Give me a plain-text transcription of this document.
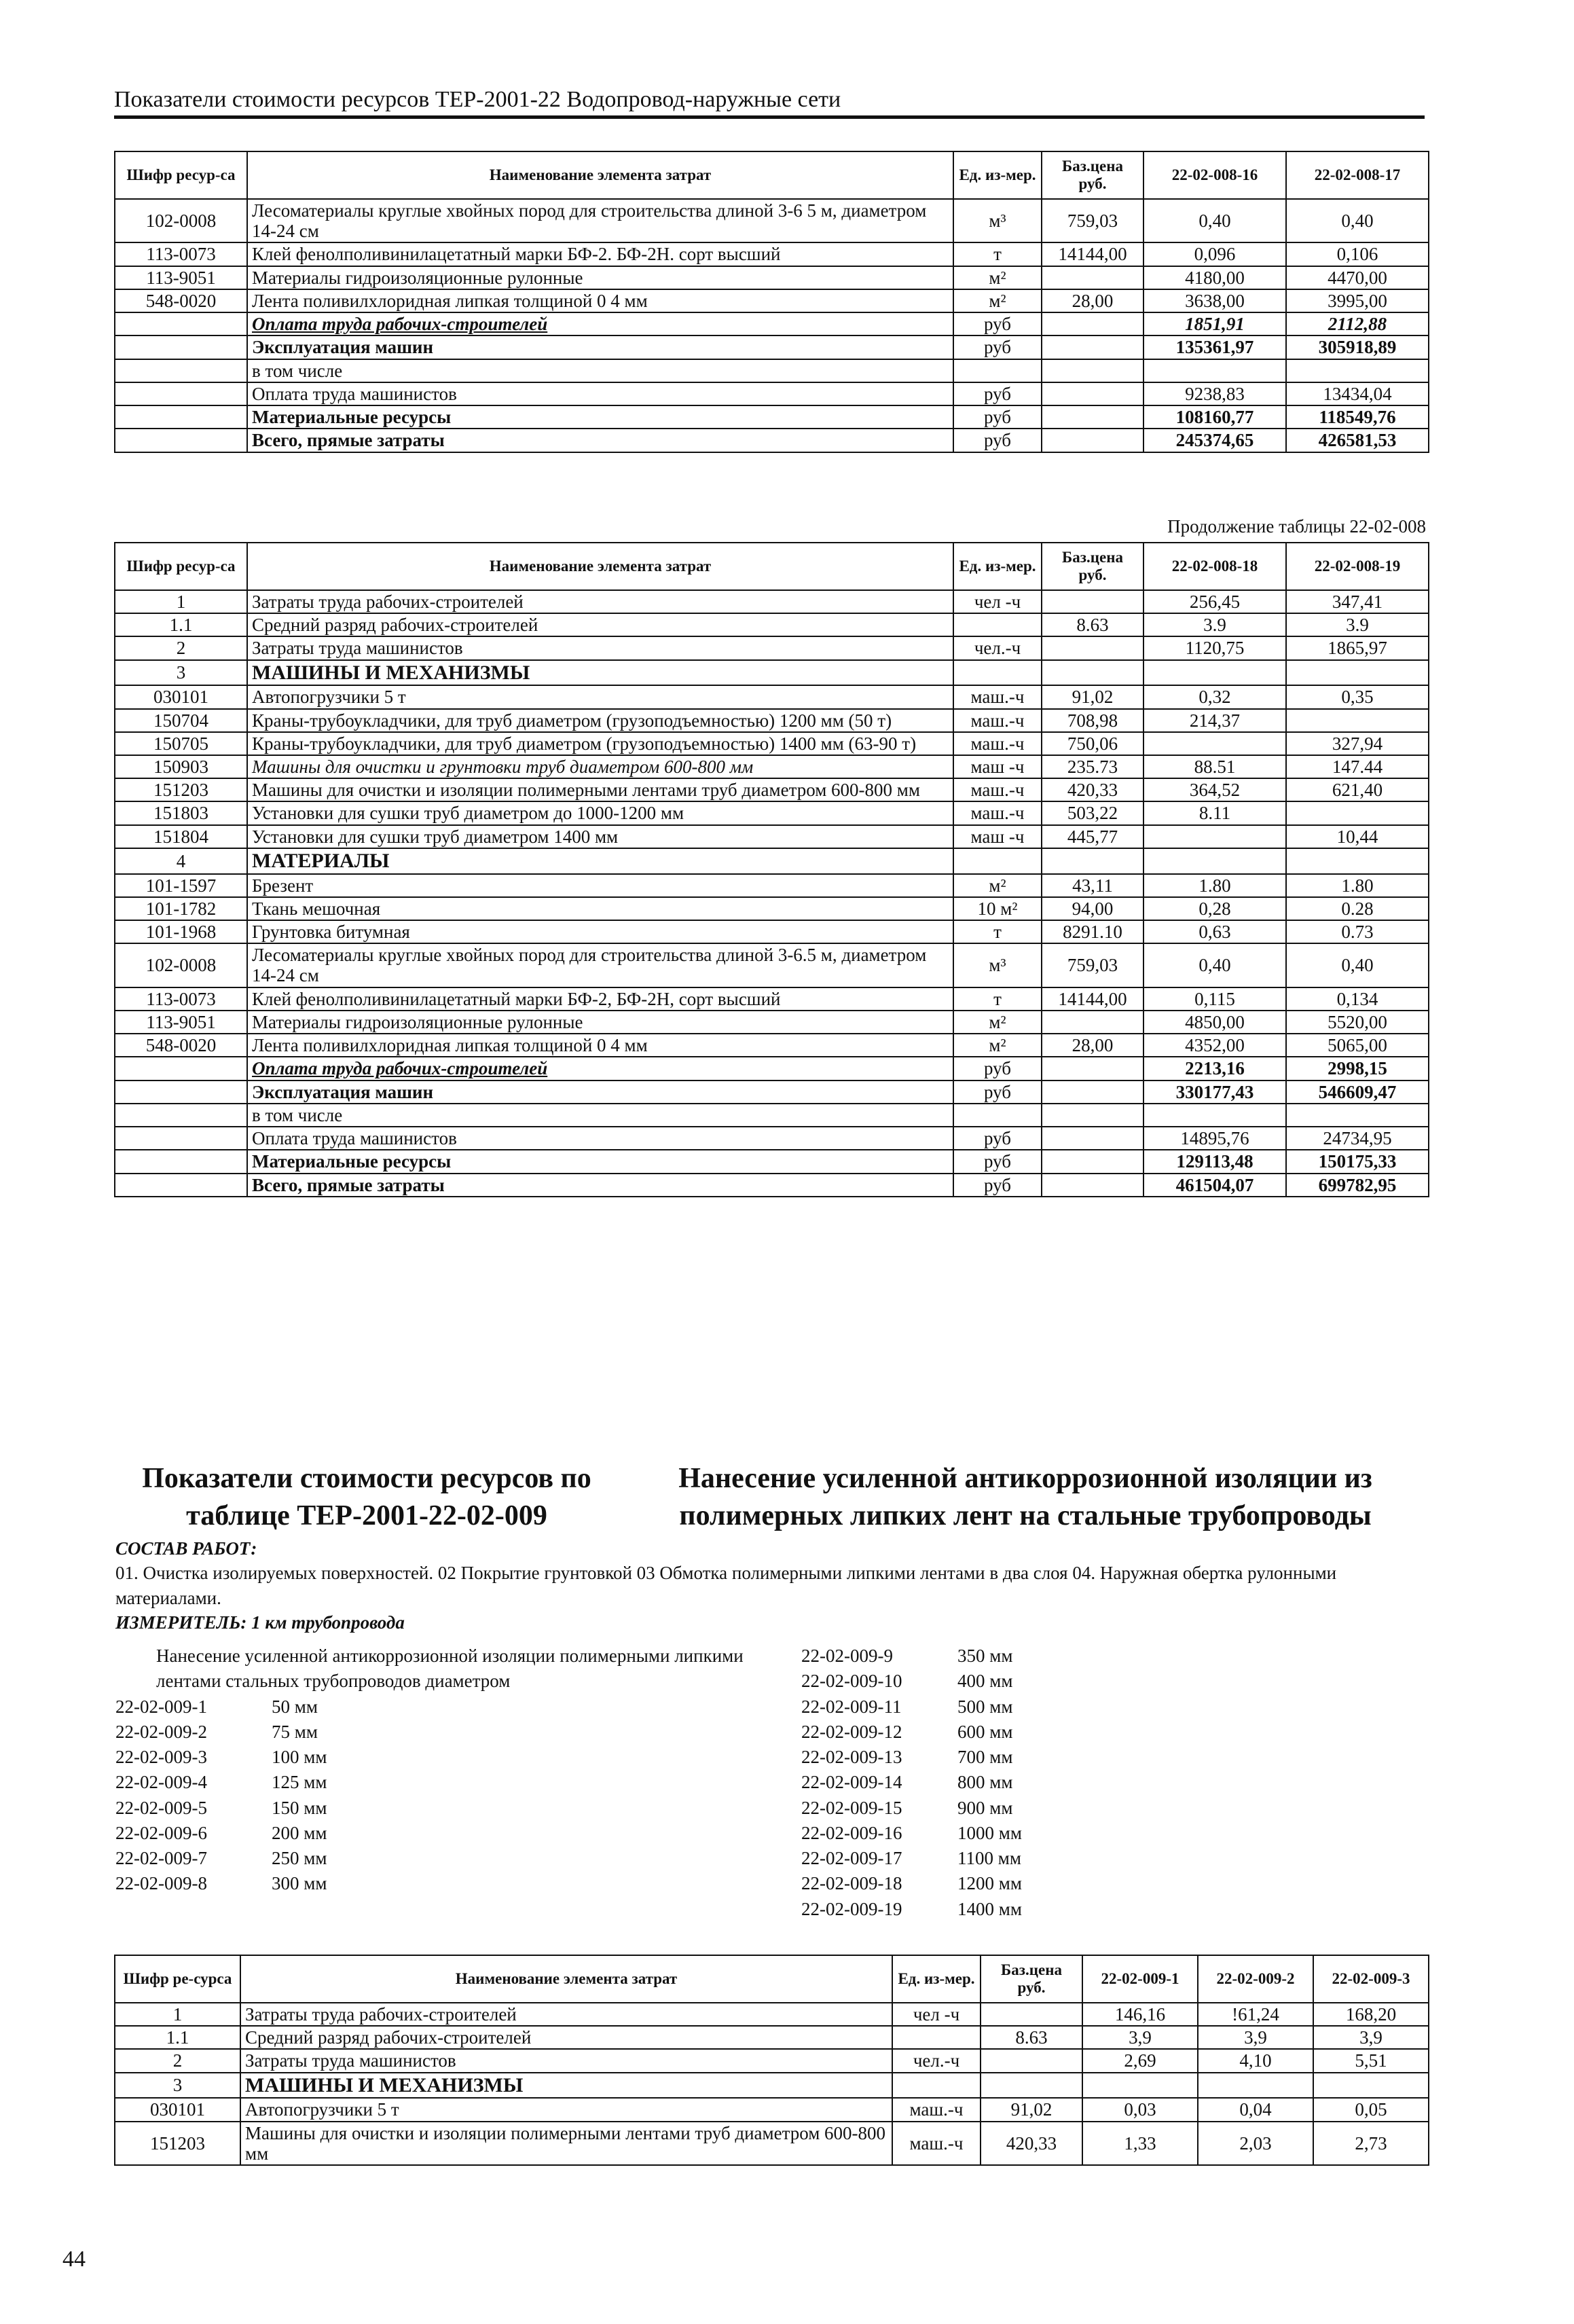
Показатели стоимости ресурсов ТЕР-2001-22 Водопровод-наружные сети
Шифр ресур-са	Наименование элемента затрат	Ед. из-мер.	Баз.цена руб.	22-02-008-16	22-02-008-17
102-0008	Лесоматериалы круглые хвойных пород для строительства длиной 3-6 5 м, диаметром 14-24 см	м³	759,03	0,40	0,40
113-0073	Клей фенолполивинилацетатный марки БФ-2. БФ-2Н. сорт высший	т	14144,00	0,096	0,106
113-9051	Материалы гидроизоляционные рулонные	м²		4180,00	4470,00
548-0020	Лента поливилхлоридная липкая толщиной 0 4 мм	м²	28,00	3638,00	3995,00
	Оплата труда рабочих-строителей	руб		1851,91	2112,88
	Эксплуатация машин	руб		135361,97	305918,89
	в том числе				
	Оплата труда машинистов	руб		9238,83	13434,04
	Материальные ресурсы	руб		108160,77	118549,76
	Всего, прямые затраты	руб		245374,65	426581,53
Продолжение таблицы 22-02-008
Шифр ресур-са	Наименование элемента затрат	Ед. из-мер.	Баз.цена руб.	22-02-008-18	22-02-008-19
1	Затраты труда рабочих-строителей	чел -ч		256,45	347,41
1.1	Средний разряд рабочих-строителей		8.63	3.9	3.9
2	Затраты труда машинистов	чел.-ч		1120,75	1865,97
3	МАШИНЫ И МЕХАНИЗМЫ				
030101	Автопогрузчики 5 т	маш.-ч	91,02	0,32	0,35
150704	Краны-трубоукладчики, для труб диаметром (грузоподъемностью) 1200 мм (50 т)	маш.-ч	708,98	214,37	
150705	Краны-трубоукладчики, для труб диаметром (грузоподъемностью) 1400 мм (63-90 т)	маш.-ч	750,06		327,94
150903	Машины для очистки и грунтовки труб диаметром 600-800 мм	маш -ч	235.73	88.51	147.44
151203	Машины для очистки и изоляции полимерными лентами труб диаметром 600-800 мм	маш.-ч	420,33	364,52	621,40
151803	Установки для сушки труб диаметром до 1000-1200 мм	маш.-ч	503,22	8.11	
151804	Установки для сушки труб диаметром 1400 мм	маш -ч	445,77		10,44
4	МАТЕРИАЛЫ				
101-1597	Брезент	м²	43,11	1.80	1.80
101-1782	Ткань мешочная	10 м²	94,00	0,28	0.28
101-1968	Грунтовка битумная	т	8291.10	0,63	0.73
102-0008	Лесоматериалы круглые хвойных пород для строительства длиной 3-6.5 м, диаметром 14-24 см	м³	759,03	0,40	0,40
113-0073	Клей фенолполивинилацетатный марки БФ-2, БФ-2Н, сорт высший	т	14144,00	0,115	0,134
113-9051	Материалы гидроизоляционные рулонные	м²		4850,00	5520,00
548-0020	Лента поливилхлоридная липкая толщиной 0 4 мм	м²	28,00	4352,00	5065,00
	Оплата труда рабочих-строителей	руб		2213,16	2998,15
	Эксплуатация машин	руб		330177,43	546609,47
	в том числе				
	Оплата труда машинистов	руб		14895,76	24734,95
	Материальные ресурсы	руб		129113,48	150175,33
	Всего, прямые затраты	руб		461504,07	699782,95
Показатели стоимости ресурсов по таблице ТЕР-2001-22-02-009
Нанесение усиленной антикоррозионной изоляции из полимерных липких лент на стальные трубопроводы
СОСТАВ РАБОТ:
01. Очистка изолируемых поверхностей. 02 Покрытие грунтовкой 03 Обмотка полимерными липкими лентами в два слоя 04. Наружная обертка рулонными материалами.
ИЗМЕРИТЕЛЬ: 1 км трубопровода
Нанесение усиленной антикоррозионной изоляции полимерными липкими лентами стальных трубопроводов диаметром
22-02-009-1	50 мм
22-02-009-2	75 мм
22-02-009-3	100 мм
22-02-009-4	125 мм
22-02-009-5	150 мм
22-02-009-6	200 мм
22-02-009-7	250 мм
22-02-009-8	300 мм
22-02-009-9	350 мм
22-02-009-10	400 мм
22-02-009-11	500 мм
22-02-009-12	600 мм
22-02-009-13	700 мм
22-02-009-14	800 мм
22-02-009-15	900 мм
22-02-009-16	1000 мм
22-02-009-17	1100 мм
22-02-009-18	1200 мм
22-02-009-19	1400 мм
Шифр ре-сурса	Наименование элемента затрат	Ед. из-мер.	Баз.цена руб.	22-02-009-1	22-02-009-2	22-02-009-3
1	Затраты труда рабочих-строителей	чел -ч		146,16	!61,24	168,20
1.1	Средний разряд рабочих-строителей		8.63	3,9	3,9	3,9
2	Затраты труда машинистов	чел.-ч		2,69	4,10	5,51
3	МАШИНЫ И МЕХАНИЗМЫ					
030101	Автопогрузчики 5 т	маш.-ч	91,02	0,03	0,04	0,05
151203	Машины для очистки и изоляции полимерными лентами труб диаметром 600-800 мм	маш.-ч	420,33	1,33	2,03	2,73
44
